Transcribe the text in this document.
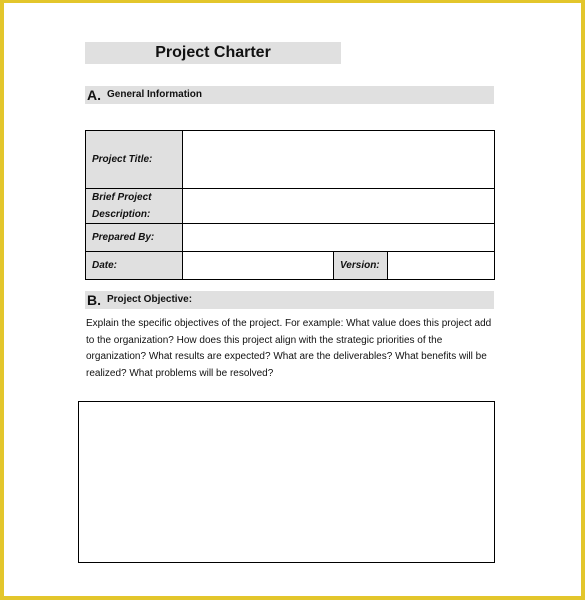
Project Charter
A. General Information
Project Title:			

Brief Project
Description:			

Prepared By:			
Date:		Version:	
B. Project Objective:
Explain the specific objectives of the project. For example: What value does this project add to the organization? How does this project align with the strategic priorities of the organization? What results are expected? What are the deliverables? What benefits will be realized? What problems will be resolved?
